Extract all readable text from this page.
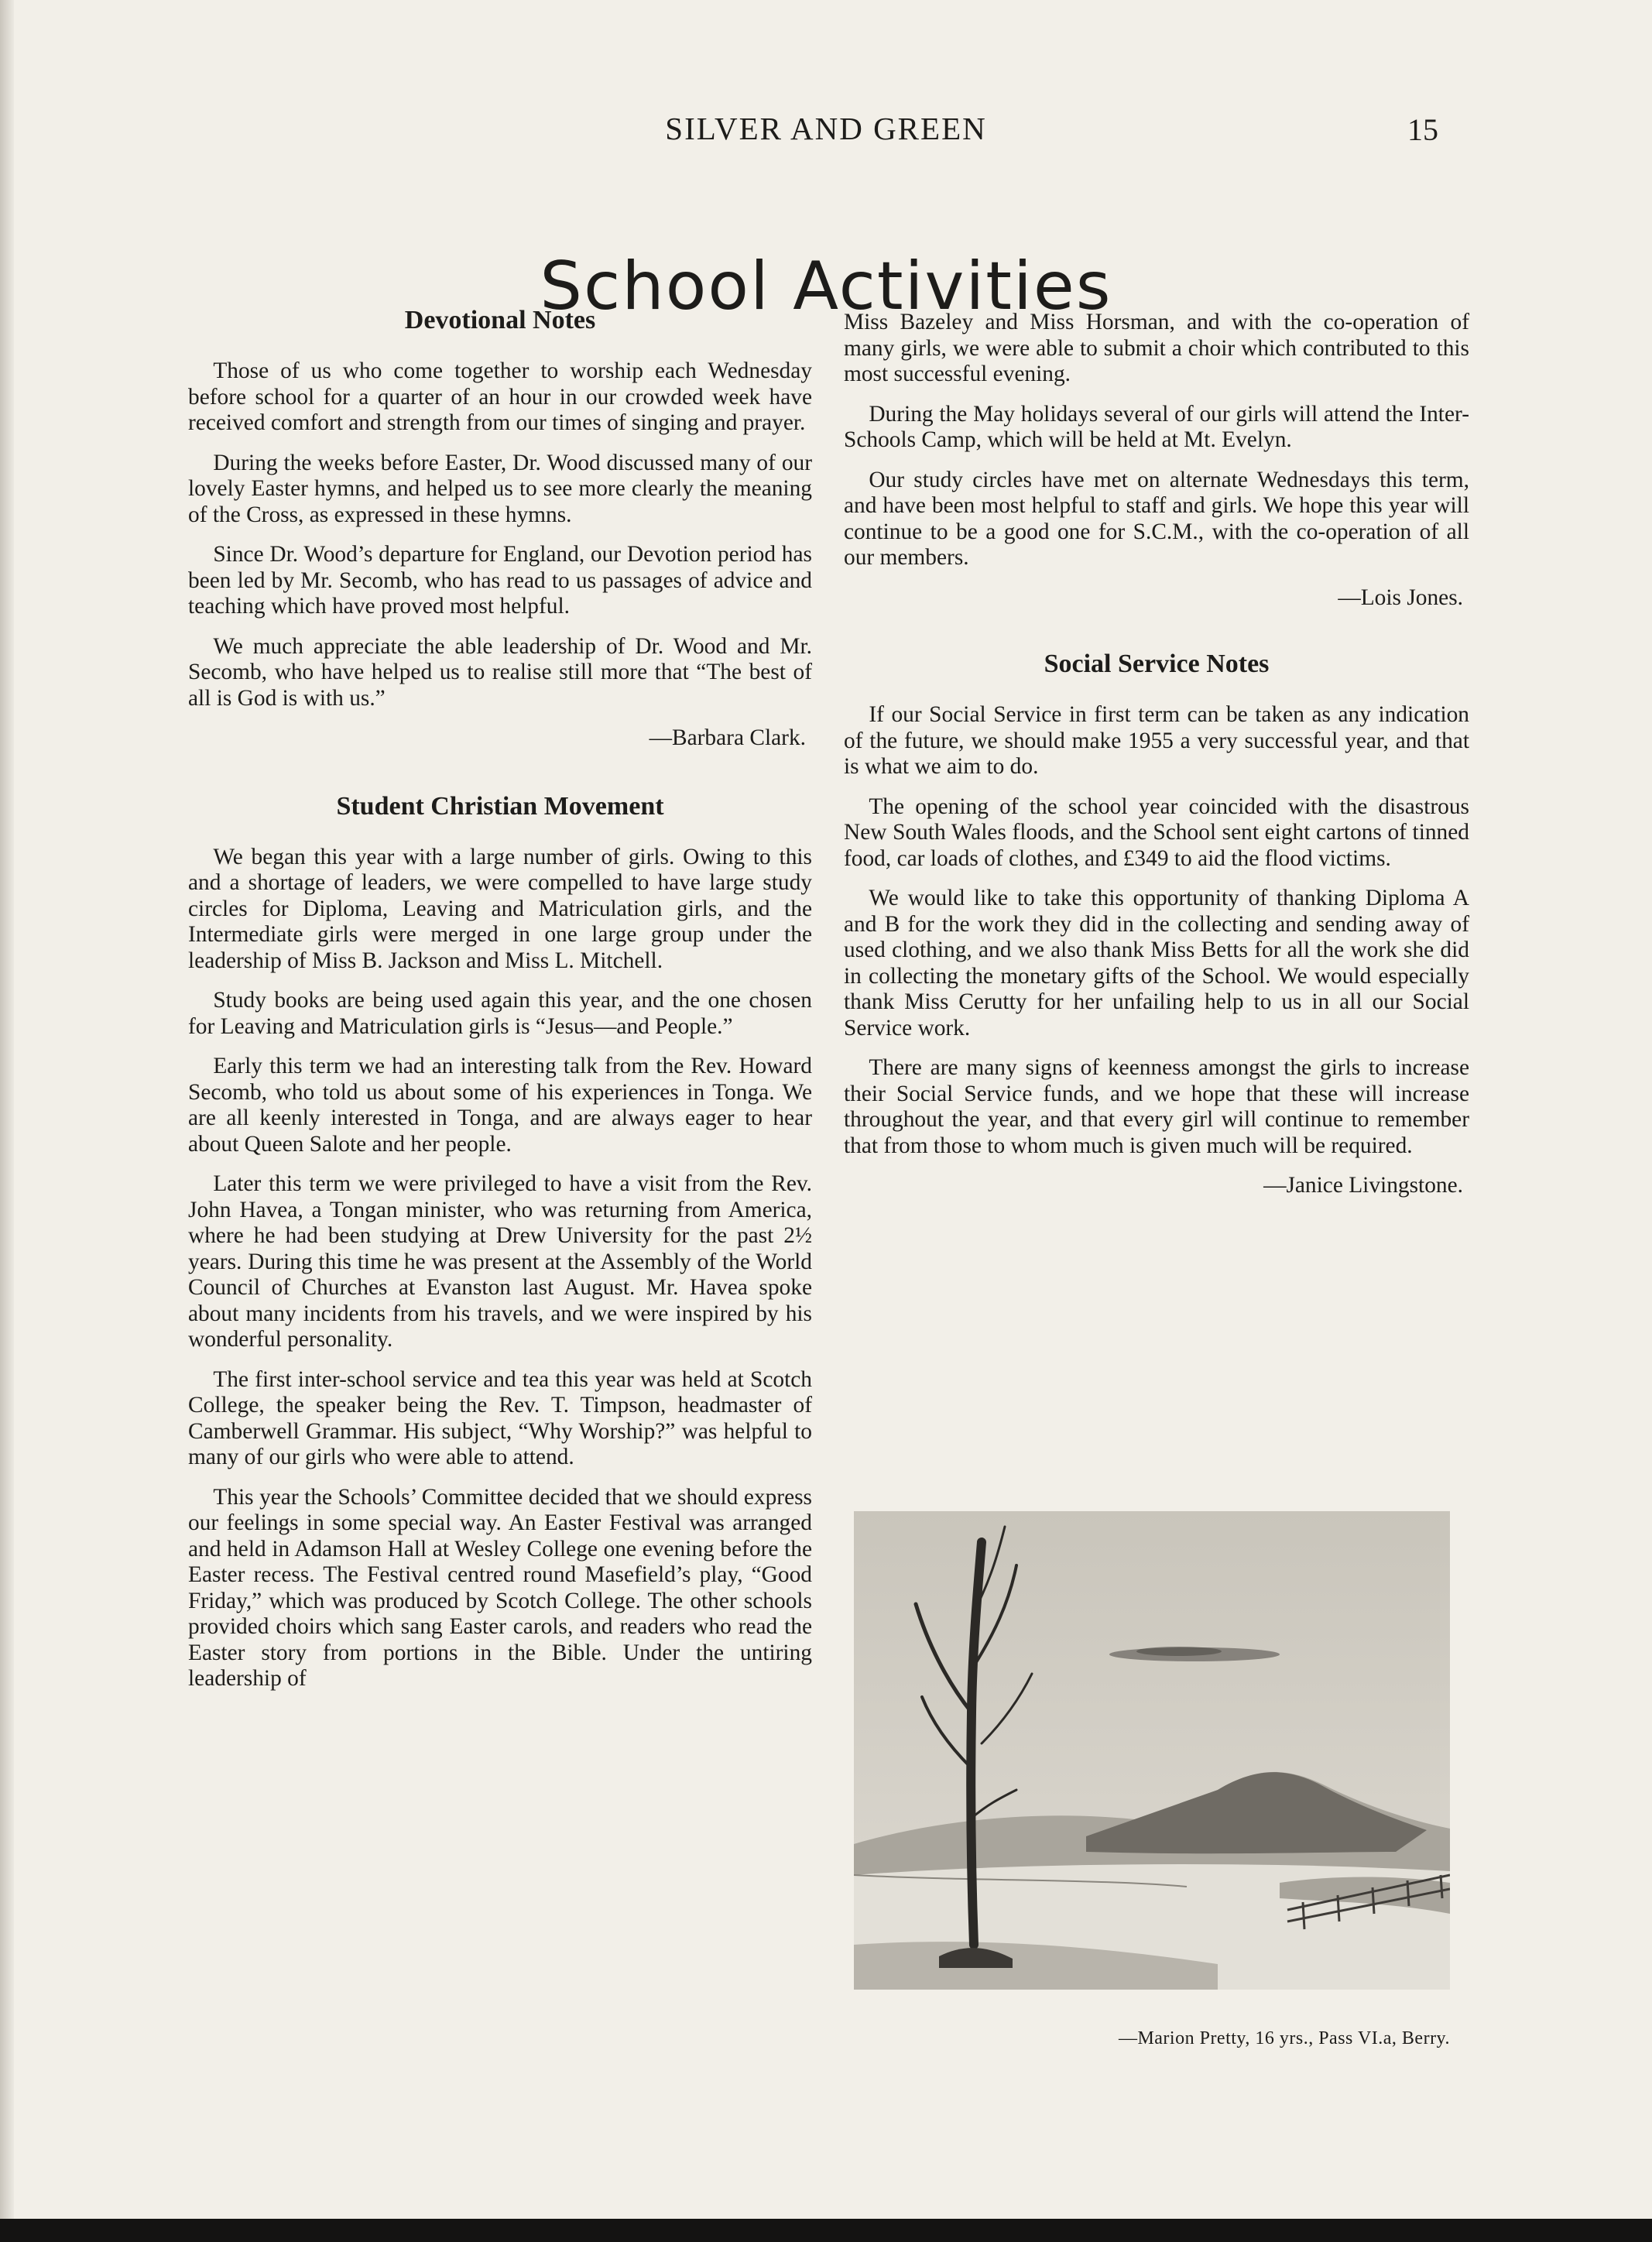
SILVER AND GREEN	15
School Activities
Devotional Notes

Those of us who come together to worship each Wednesday before school for a quarter of an hour in our crowded week have received comfort and strength from our times of singing and prayer.

During the weeks before Easter, Dr. Wood discussed many of our lovely Easter hymns, and helped us to see more clearly the meaning of the Cross, as expressed in these hymns.

Since Dr. Wood’s departure for England, our Devotion period has been led by Mr. Secomb, who has read to us passages of advice and teaching which have proved most helpful.

We much appreciate the able leadership of Dr. Wood and Mr. Secomb, who have helped us to realise still more that “The best of all is God is with us.”

—Barbara Clark.
Student Christian Movement

We began this year with a large number of girls. Owing to this and a shortage of leaders, we were compelled to have large study circles for Diploma, Leaving and Matriculation girls, and the Intermediate girls were merged in one large group under the leadership of Miss B. Jackson and Miss L. Mitchell.

Study books are being used again this year, and the one chosen for Leaving and Matriculation girls is “Jesus—and People.”

Early this term we had an interesting talk from the Rev. Howard Secomb, who told us about some of his experiences in Tonga. We are all keenly interested in Tonga, and are always eager to hear about Queen Salote and her people.

Later this term we were privileged to have a visit from the Rev. John Havea, a Tongan minister, who was returning from America, where he had been studying at Drew University for the past 2½ years. During this time he was present at the Assembly of the World Council of Churches at Evanston last August. Mr. Havea spoke about many incidents from his travels, and we were inspired by his wonderful personality.

The first inter-school service and tea this year was held at Scotch College, the speaker being the Rev. T. Timpson, headmaster of Camberwell Grammar. His subject, “Why Worship?” was helpful to many of our girls who were able to attend.

This year the Schools’ Committee decided that we should express our feelings in some special way. An Easter Festival was arranged and held in Adamson Hall at Wesley College one evening before the Easter recess. The Festival centred round Masefield’s play, “Good Friday,” which was produced by Scotch College. The other schools provided choirs which sang Easter carols, and readers who read the Easter story from portions in the Bible. Under the untiring leadership of

Miss Bazeley and Miss Horsman, and with the co-operation of many girls, we were able to submit a choir which contributed to this most successful evening.

During the May holidays several of our girls will attend the Inter-Schools Camp, which will be held at Mt. Evelyn.

Our study circles have met on alternate Wednesdays this term, and have been most helpful to staff and girls. We hope this year will continue to be a good one for S.C.M., with the co-operation of all our members.

—Lois Jones.
Social Service Notes

If our Social Service in first term can be taken as any indication of the future, we should make 1955 a very successful year, and that is what we aim to do.

The opening of the school year coincided with the disastrous New South Wales floods, and the School sent eight cartons of tinned food, car loads of clothes, and £349 to aid the flood victims.

We would like to take this opportunity of thanking Diploma A and B for the work they did in the collecting and sending away of used clothing, and we also thank Miss Betts for all the work she did in collecting the monetary gifts of the School. We would especially thank Miss Cerutty for her unfailing help to us in all our Social Service work.

There are many signs of keenness amongst the girls to increase their Social Service funds, and we hope that these will increase throughout the year, and that every girl will continue to remember that from those to whom much is given much will be required.

—Janice Livingstone.
—Marion Pretty, 16 yrs., Pass VI.a, Berry.
